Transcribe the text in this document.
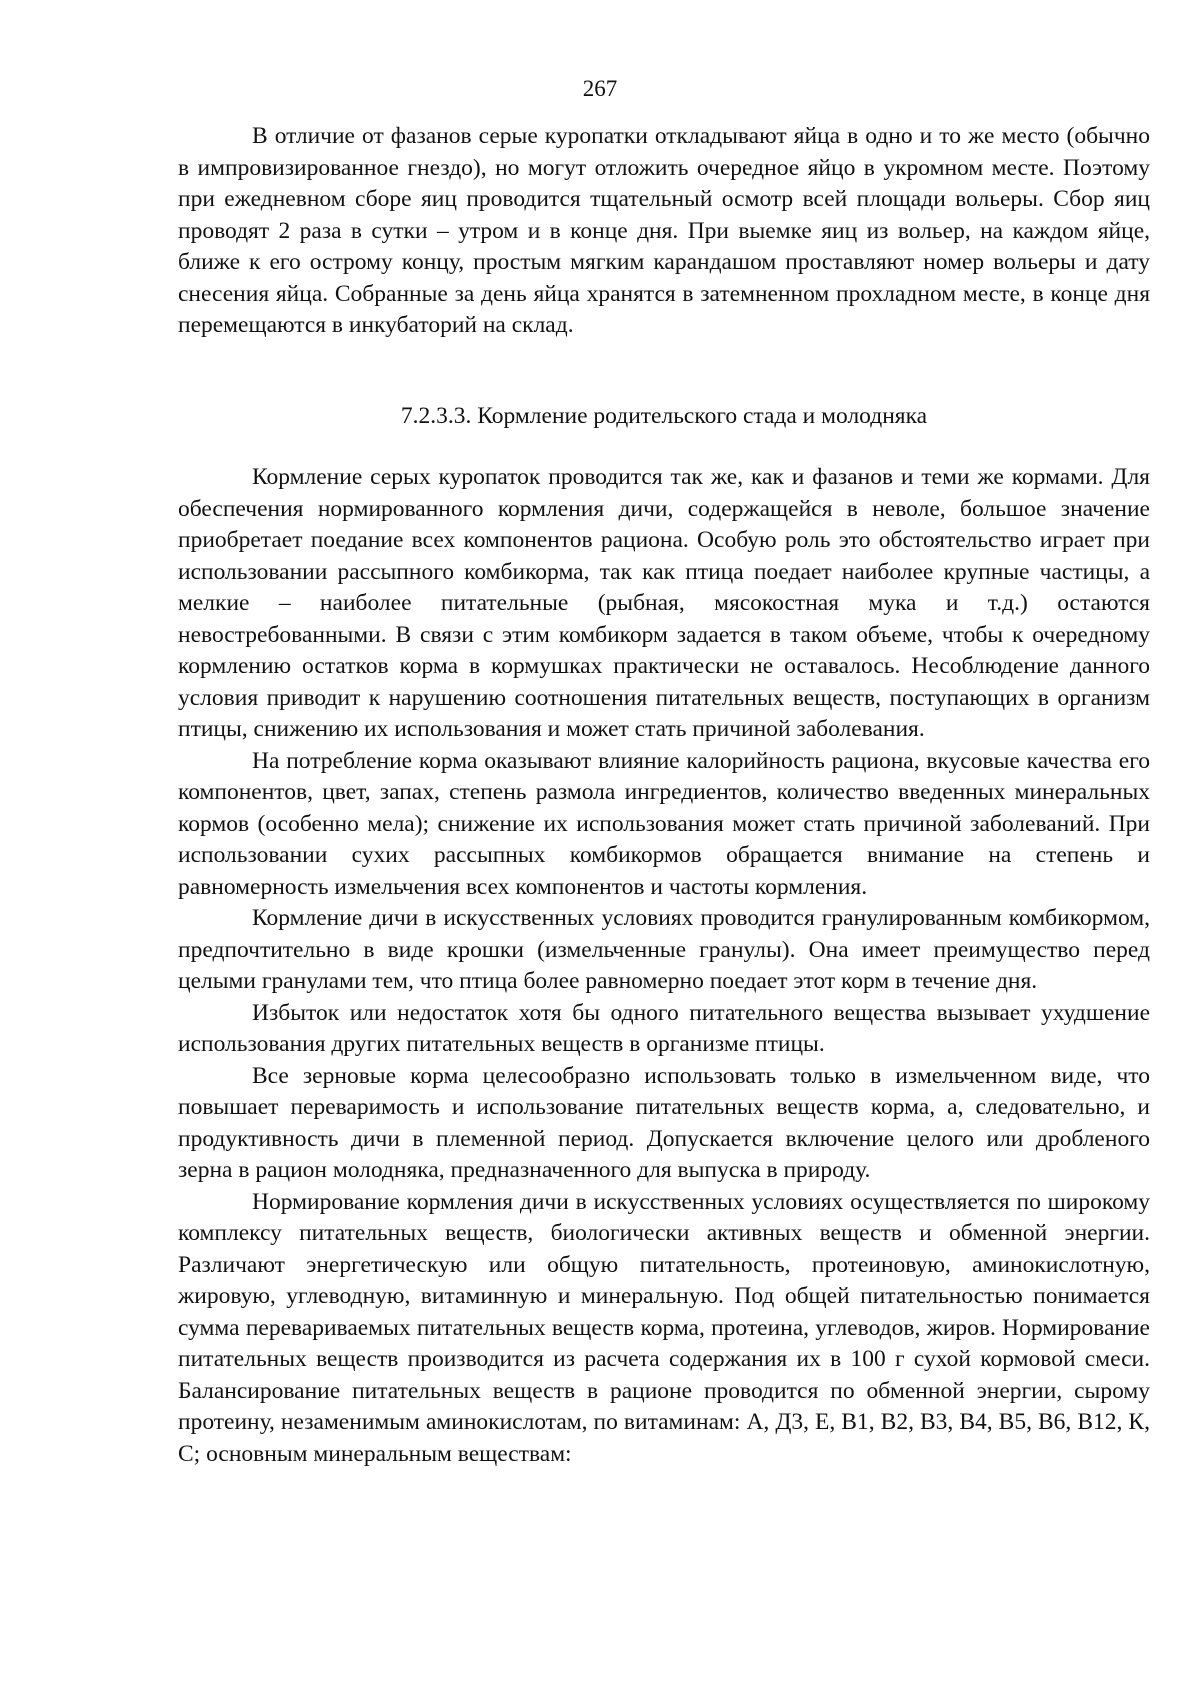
267

В отличие от фазанов серые куропатки откладывают яйца в одно и то же место (обычно в импровизированное гнездо), но могут отложить очередное яйцо в укромном месте. Поэтому при ежедневном сборе яиц проводится тщательный осмотр всей площади вольеры. Сбор яиц проводят 2 раза в сутки – утром и в конце дня. При выемке яиц из вольер, на каждом яйце, ближе к его острому концу, простым мягким карандашом проставляют номер вольеры и дату снесения яйца. Собранные за день яйца хранятся в затемненном прохладном месте, в конце дня перемещаются в инкубаторий на склад.

7.2.3.3. Кормление родительского стада и молодняка

Кормление серых куропаток проводится так же, как и фазанов и теми же кормами. Для обеспечения нормированного кормления дичи, содержащейся в неволе, большое значение приобретает поедание всех компонентов рациона. Особую роль это обстоятельство играет при использовании рассыпного комбикорма, так как птица поедает наиболее крупные частицы, а мелкие – наиболее питательные (рыбная, мясокостная мука и т.д.) остаются невостребованными. В связи с этим комбикорм задается в таком объеме, чтобы к очередному кормлению остатков корма в кормушках практически не оставалось. Несоблюдение данного условия приводит к нарушению соотношения питательных веществ, поступающих в организм птицы, снижению их использования и может стать причиной заболевания.

На потребление корма оказывают влияние калорийность рациона, вкусовые качества его компонентов, цвет, запах, степень размола ингредиентов, количество введенных минеральных кормов (особенно мела); снижение их использования может стать причиной заболеваний. При использовании сухих рассыпных комбикормов обращается внимание на степень и равномерность измельчения всех компонентов и частоты кормления.

Кормление дичи в искусственных условиях проводится гранулированным комбикормом, предпочтительно в виде крошки (измельченные гранулы). Она имеет преимущество перед целыми гранулами тем, что птица более равномерно поедает этот корм в течение дня.

Избыток или недостаток хотя бы одного питательного вещества вызывает ухудшение использования других питательных веществ в организме птицы.

Все зерновые корма целесообразно использовать только в измельченном виде, что повышает переваримость и использование питательных веществ корма, а, следовательно, и продуктивность дичи в племенной период. Допускается включение целого или дробленого зерна в рацион молодняка, предназначенного для выпуска в природу.

Нормирование кормления дичи в искусственных условиях осуществляется по широкому комплексу питательных веществ, биологически активных веществ и обменной энергии. Различают энергетическую или общую питательность, протеиновую, аминокислотную, жировую, углеводную, витаминную и минеральную. Под общей питательностью понимается сумма перевариваемых питательных веществ корма, протеина, углеводов, жиров. Нормирование питательных веществ производится из расчета содержания их в 100 г сухой кормовой смеси. Балансирование питательных веществ в рационе проводится по обменной энергии, сырому протеину, незаменимым аминокислотам, по витаминам: А, Д3, Е, В1, В2, В3, В4, В5, В6, В12, К, С; основным минеральным веществам:
